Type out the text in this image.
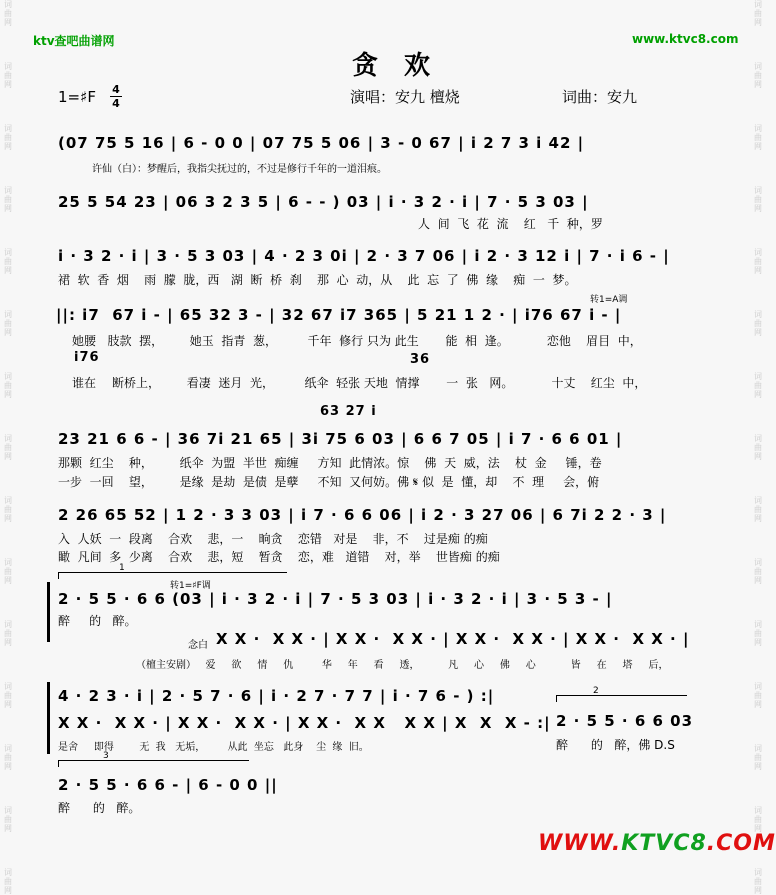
词
曲
网
词
曲
网
词
曲
网
词
曲
网
词
曲
网
词
曲
网
词
曲
网
词
曲
网
词
曲
网
词
曲
网
词
曲
网
词
曲
网
词
曲
网
词
曲
网
词
曲
网
词
曲
网
词
曲
网
词
曲
网
词
曲
网
词
曲
网
词
曲
网
词
曲
网
词
曲
网
词
曲
网
词
曲
网
词
曲
网
词
曲
网
词
曲
网
词
曲
网
词
曲
网
ktv查吧曲谱网	www.ktvc8.com
贪欢
1=♯F 4
4	演唱：安九 檀烧	词曲：安九
(07 75 5 16 | 6 - 0 0 | 07 75 5 06 | 3 - 0 67 | i 2 7 3 i 42 |
许仙（白）：梦醒后，我指尖抚过的，不过是修行千年的一道泪痕。
25 5 54 23 | 06 3 2 3 5 | 6 - - ) 03 | i · 3 2 · i | 7 · 5 3 03 |
人  间  飞  花  流    红   千  种，罗
i · 3 2 · i | 3 · 5 3 03 | 4 · 2 3 0i | 2 · 3 7 06 | i 2 · 3 12 i | 7 · i 6 - |
裙  软  香  烟    雨  朦  胧，西   湖  断  桥  刹    那  心  动，从    此  忘  了  佛  缘    痴  一  梦。
转1=A调
||: i7  67 i - | 65 32 3 - | 32 67 i7 365 | 5 21 1 2 · | i76 67 i - |
她腰   肢款  摆，       她玉  指青  葱，        千年  修行 只为 此生       能  相  逢。          恋他    眉目  中，
i76
谁在 断桥上，       看凄  迷月  光，        纸伞  轻张 天地  情撑       一  张   网。          十丈    红尘  中，
36
63 27 i
23 21 6 6 - | 36 7i 21 65 | 3i 75 6 03 | 6 6 7 05 | i 7 · 6 6 01 |
那颗  红尘    种，       纸伞  为盟  半世  痴缠     方知  此情浓。惊    佛  天  威，法    杖  金     锤，卷
一步  一回    望，       是缘  是劫  是债  是孽     不知  又何妨。佛 𝄋 似  是  懂，却    不  理     会，俯
2 26 65 52 | 1 2 · 3 3 03 | i 7 · 6 6 06 | i 2 · 3 27 06 | 6 7i 2 2 · 3 |
入  人妖  一  段离    合欢    悲，一    晌贪    恋错   对是    非，不    过是痴 的痴
瞰  凡间  多  少离    合欢    悲，短    暂贪    恋，难   道错    对，举    世皆痴 的痴
1
转1=♯F调
2 · 5 5 · 6 6 (03 | i · 3 2 · i | 7 · 5 3 03 | i · 3 2 · i | 3 · 5 3 - |
醉     的   醉。
念白 X X ·  X X · | X X ·  X X · | X X ·  X X · | X X ·  X X · |
（檀主安剧）   爱     欲     情     仇         华     年     看     透，         凡     心     佛     心           皆     在     塔     后，
4 · 2 3 · i | 2 · 5 7 · 6 | i · 2 7 · 7 7 | i · 7 6 - ) :|
X X ·  X X · | X X ·  X X · | X X ·  X X   X X | X  X  X - :|
是舍     即得        无  我   无垢，       从此  坐忘   此身    尘  缘  旧。
2
2 · 5 5 · 6 6 03
醉      的   醉，佛 D.S
3
2 · 5 5 · 6 6 - | 6 - 0 0 ||
醉      的   醉。
WWW.KTVC8.COM
